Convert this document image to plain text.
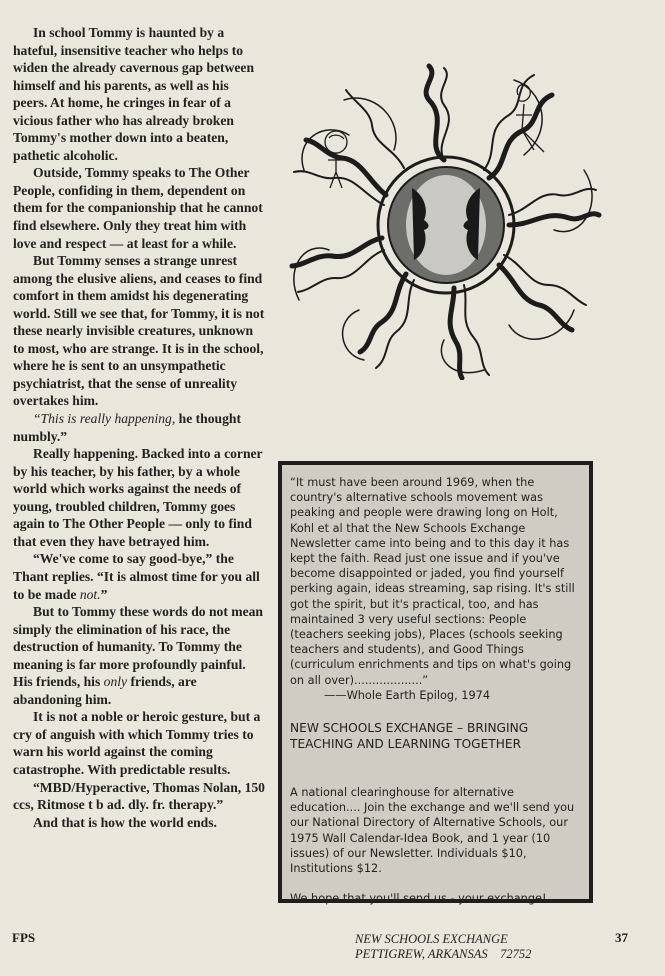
In school Tommy is haunted by a hateful, insensitive teacher who helps to widen the already cavernous gap between himself and his parents, as well as his peers. At home, he cringes in fear of a vicious father who has already broken Tommy's mother down into a beaten, pathetic alcoholic.

Outside, Tommy speaks to The Other People, confiding in them, dependent on them for the companionship that he cannot find elsewhere. Only they treat him with love and respect — at least for a while.

But Tommy senses a strange unrest among the elusive aliens, and ceases to find comfort in them amidst his degenerating world. Still we see that, for Tommy, it is not these nearly invisible creatures, unknown to most, who are strange. It is in the school, where he is sent to an unsympathetic psychiatrist, that the sense of unreality overtakes him.

“This is really happening, he thought numbly.”

Really happening. Backed into a corner by his teacher, by his father, by a whole world which works against the needs of young, troubled children, Tommy goes again to The Other People — only to find that even they have betrayed him.

“We've come to say good-bye,” the Thant replies. “It is almost time for you all to be made not.”

But to Tommy these words do not mean simply the elimination of his race, the destruction of humanity. To Tommy the meaning is far more profoundly painful. His friends, his only friends, are abandoning him.

It is not a noble or heroic gesture, but a cry of anguish with which Tommy tries to warn his world against the coming catastrophe. With predictable results.

“MBD/Hyperactive, Thomas Nolan, 150 ccs, Ritmose t b ad. dly. fr. therapy.”

And that is how the world ends.

“It must have been around 1969, when the country's alternative schools movement was peaking and people were drawing long on Holt, Kohl et al that the New Schools Exchange Newsletter came into being and to this day it has kept the faith. Read just one issue and if you've become disappointed or jaded, you find yourself perking again, ideas streaming, sap rising. It's still got the spirit, but it's practical, too, and has maintained 3 very useful sections: People (teachers seeking jobs), Places (schools seeking teachers and students), and Good Things (curriculum enrichments and tips on what's going on all over)...................”

——Whole Earth Epilog, 1974

NEW SCHOOLS EXCHANGE – BRINGING TEACHING AND LEARNING TOGETHER

A national clearinghouse for alternative education.... Join the exchange and we'll send you our National Directory of Alternative Schools, our 1975 Wall Calendar-Idea Book, and 1 year (10 issues) of our Newsletter. Individuals $10, Institutions $12.

We hope that you'll send us - your exchange!

NEW SCHOOLS EXCHANGE
PETTIGREW, ARKANSAS    72752
FPS	37
